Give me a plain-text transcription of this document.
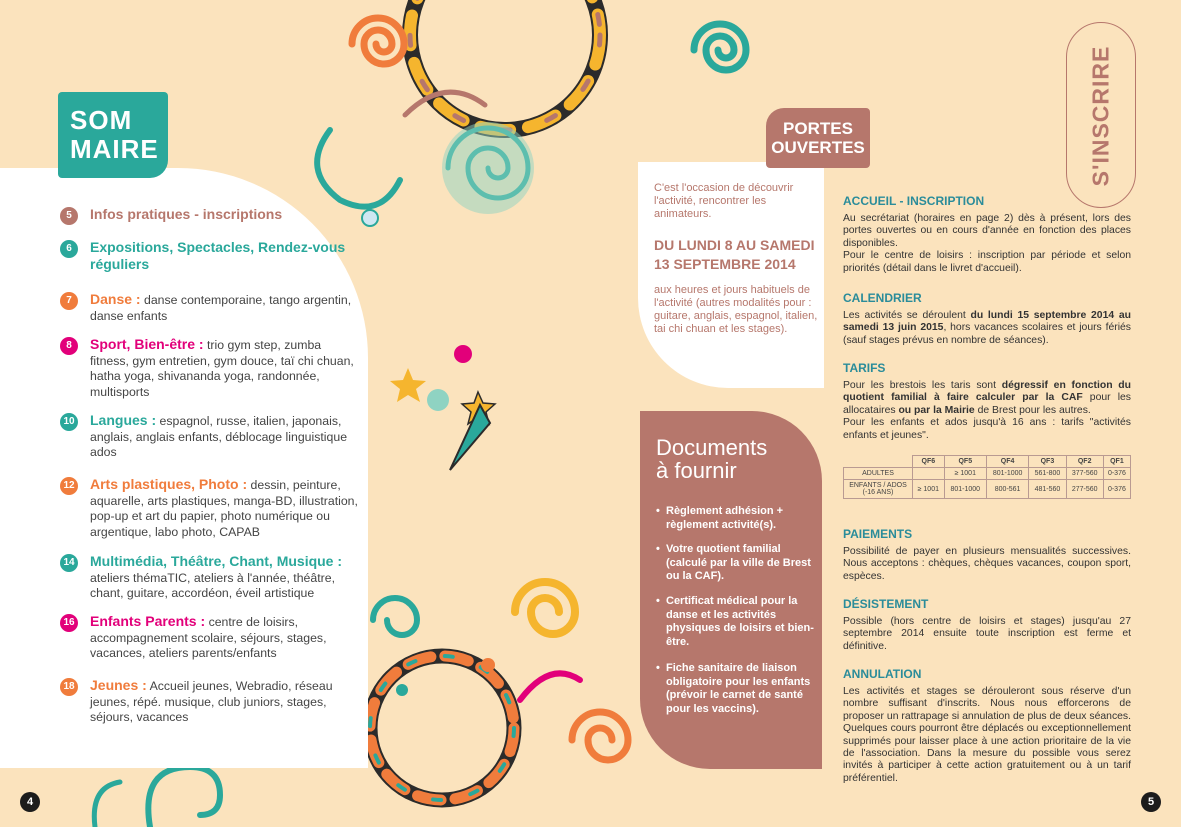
SOM
MAIRE
5	Infos pratiques - inscriptions
6	Expositions, Spectacles, Rendez-vous réguliers
7	Danse : danse contemporaine, tango argentin, danse enfants
8	Sport, Bien-être : trio gym step, zumba fitness, gym entretien, gym douce, taï chi chuan, hatha yoga, shivananda yoga, randonnée, multisports
10 Langues : espagnol, russe, italien, japonais, anglais, anglais enfants, déblocage linguistique ados
12 Arts plastiques, Photo : dessin, peinture, aquarelle, arts plastiques, manga-BD, illustration, pop-up et art du papier, photo numérique ou argentique, labo photo, CAPAB
14 Multimédia, Théâtre, Chant, Musique : ateliers thémaTIC, ateliers à l'année, théâtre, chant, guitare, accordéon, éveil artistique
16 Enfants Parents : centre de loisirs, accompagnement scolaire, séjours, stages, vacances, ateliers parents/enfants
18 Jeunes : Accueil jeunes, Webradio, réseau jeunes, répé. musique, club juniors, stages, séjours, vacances
PORTES
OUVERTES
C'est l'occasion de découvrir l'activité, rencontrer les animateurs.
DU LUNDI 8 AU SAMEDI 13 SEPTEMBRE 2014
aux heures et jours habituels de l'activité (autres modalités pour : guitare, anglais, espagnol, italien, tai chi chuan et les stages).
Documents
à fournir
• Règlement adhésion + règlement activité(s).
• Votre quotient familial (calculé par la ville de Brest ou la CAF).
• Certificat médical pour la danse et les activités physiques de loisirs et bien-être.
• Fiche sanitaire de liaison obligatoire pour les enfants (prévoir le carnet de santé pour les vaccins).
S'INSCRIRE
ACCUEIL - INSCRIPTION

Au secrétariat (horaires en page 2) dès à présent, lors des portes ouvertes ou en cours d'année en fonction des places disponibles.

Pour le centre de loisirs : inscription par période et selon priorités (détail dans le livret d'accueil).

CALENDRIER
Les activités se déroulent du lundi 15 septembre 2014 au samedi 13 juin 2015, hors vacances scolaires et jours fériés (sauf stages prévus en nombre de séances).
TARIFS

Pour les brestois les taris sont dégressif en fonction du quotient familial à faire calculer par la CAF pour les allocataires ou par la Mairie de Brest pour les autres.

Pour les enfants et ados jusqu'à 16 ans : tarifs "activités enfants et jeunes".

	QF6	QF5	QF4	QF3	QF2	QF1
ADULTES		≥ 1001	801-1000	561-800	377-560	0-376
ENFANTS / ADOS (-16 ANS)	≥ 1001	801-1000	800-561	481-560	277-560	0-376
PAIEMENTS
Possibilité de payer en plusieurs mensualités successives. Nous acceptons : chèques, chèques vacances, coupon sport, espèces.
DÉSISTEMENT
Possible (hors centre de loisirs et stages) jusqu'au 27 septembre 2014 ensuite toute inscription est ferme et définitive.
ANNULATION
Les activités et stages se dérouleront sous réserve d'un nombre suffisant d'inscrits. Nous nous efforcerons de proposer un rattrapage si annulation de plus de deux séances. Quelques cours pourront être déplacés ou exceptionnellement supprimés pour laisser place à une action prioritaire de la vie de l'association. Dans la mesure du possible vous serez invités à participer à cette action gratuitement ou à un tarif préférentiel.
4	5
